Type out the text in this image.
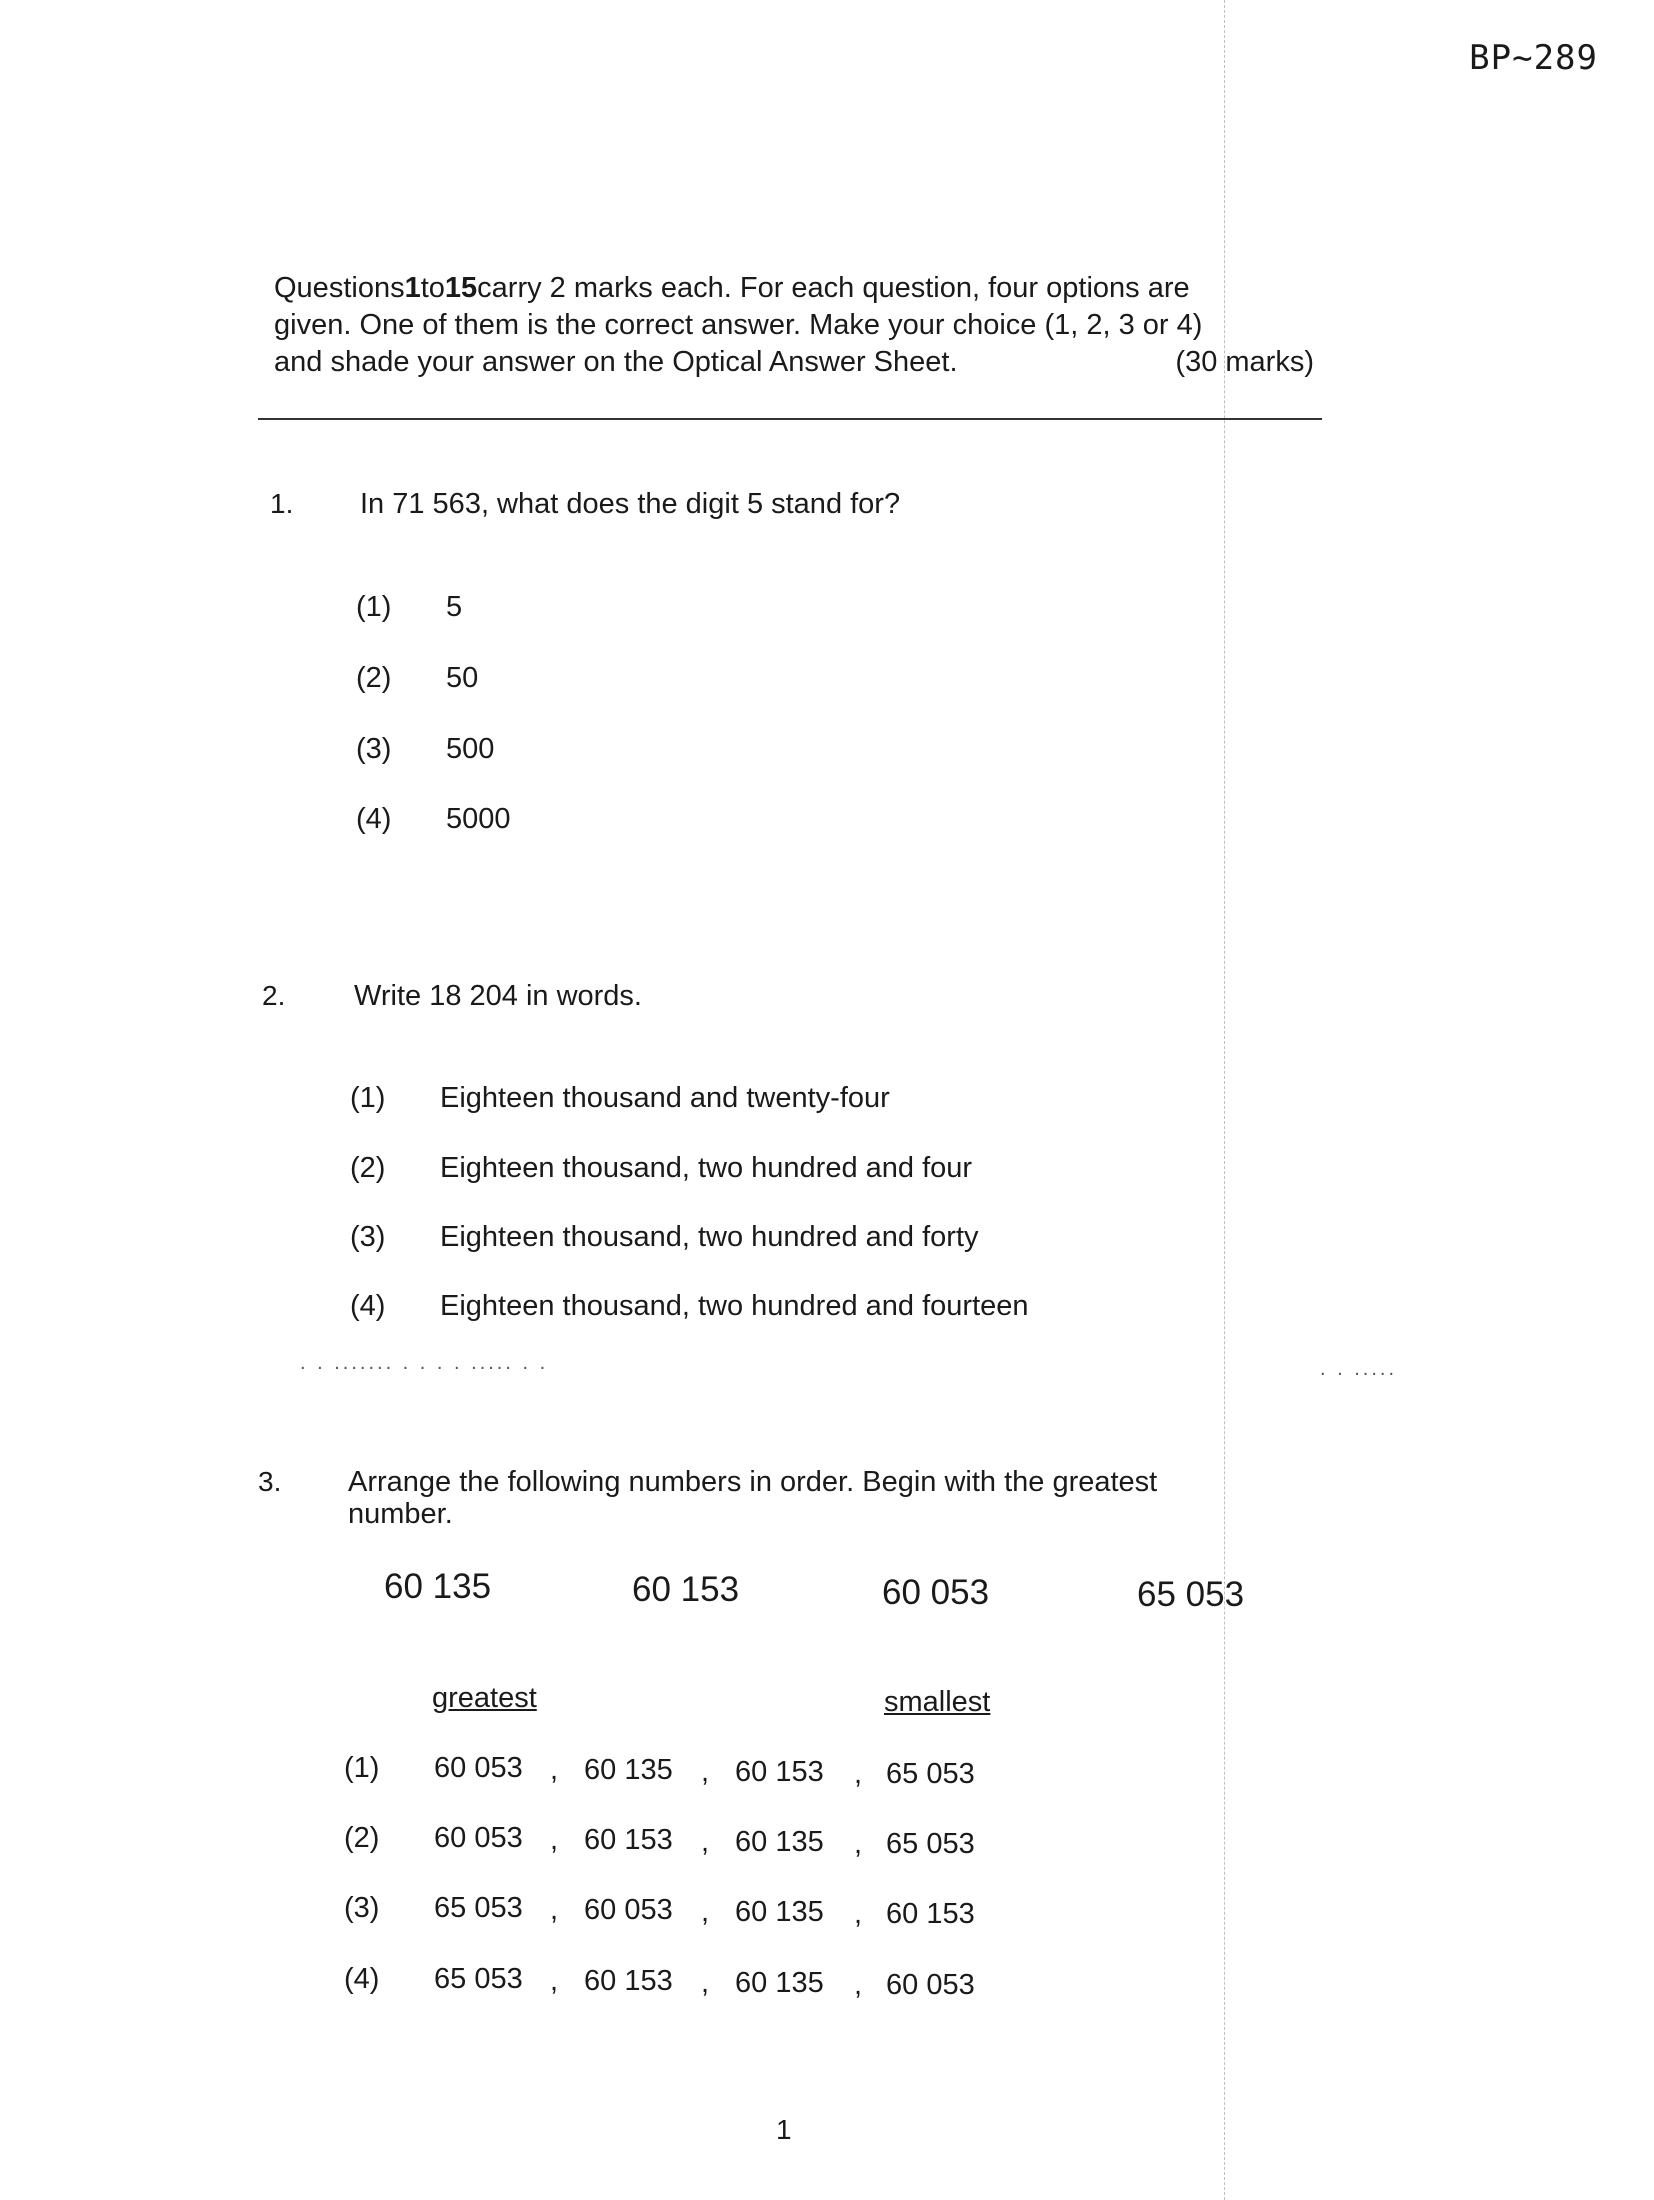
BP~289
Questions 1 to 15 carry 2 marks each. For each question, four options are
given. One of them is the correct answer. Make your choice (1, 2, 3 or 4)
and shade your answer on the Optical Answer Sheet.	(30 marks)
1. In 71 563, what does the digit 5 stand for?
(1) 5
(2) 50
(3) 500
(4) 5000
2. Write 18 204 in words.
(1) Eighteen thousand and twenty-four
(2) Eighteen thousand, two hundred and four
(3) Eighteen thousand, two hundred and forty
(4) Eighteen thousand, two hundred and fourteen
. . ....... . . . . ..... . .	. . .....
3. Arrange the following numbers in order. Begin with the greatest
number.
60 135	60 153	60 053	65 053
greatest	smallest
(1) 60 053 , 60 135 , 60 153 , 65 053
(2) 60 053 , 60 153 , 60 135 , 65 053
(3) 65 053 , 60 053 , 60 135 , 60 153
(4) 65 053 , 60 153 , 60 135 , 60 053
1
